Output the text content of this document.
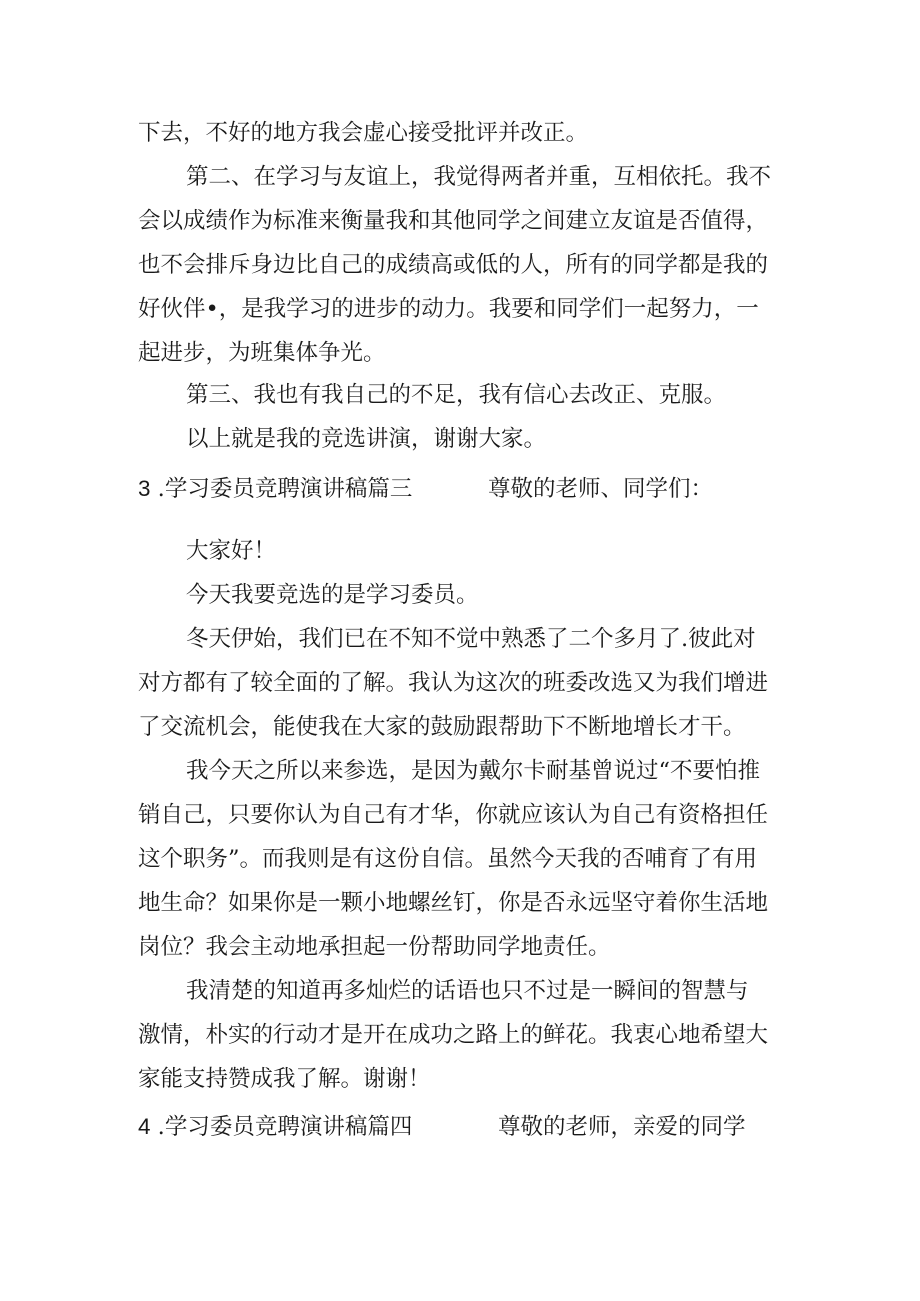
下去，不好的地方我会虚心接受批评并改正。
第二、在学习与友谊上，我觉得两者并重，互相依托。我不
会以成绩作为标准来衡量我和其他同学之间建立友谊是否值得，
也不会排斥身边比自己的成绩高或低的人，所有的同学都是我的
好伙伴•，是我学习的进步的动力。我要和同学们一起努力，一
起进步，为班集体争光。
第三、我也有我自己的不足，我有信心去改正、克服。
以上就是我的竞选讲演，谢谢大家。
3 .学习委员竞聘演讲稿篇三	尊敬的老师、同学们：
大家好！
今天我要竞选的是学习委员。
冬天伊始，我们已在不知不觉中熟悉了二个多月了.彼此对
对方都有了较全面的了解。我认为这次的班委改选又为我们增进
了交流机会，能使我在大家的鼓励跟帮助下不断地增长才干。
我今天之所以来参选，是因为戴尔卡耐基曾说过“不要怕推
销自己，只要你认为自己有才华，你就应该认为自己有资格担任
这个职务”。而我则是有这份自信。虽然今天我的否哺育了有用
地生命？如果你是一颗小地螺丝钉，你是否永远坚守着你生活地
岗位？我会主动地承担起一份帮助同学地责任。
我清楚的知道再多灿烂的话语也只不过是一瞬间的智慧与
激情，朴实的行动才是开在成功之路上的鲜花。我衷心地希望大
家能支持赞成我了解。谢谢！
4 .学习委员竞聘演讲稿篇四	尊敬的老师，亲爱的同学
